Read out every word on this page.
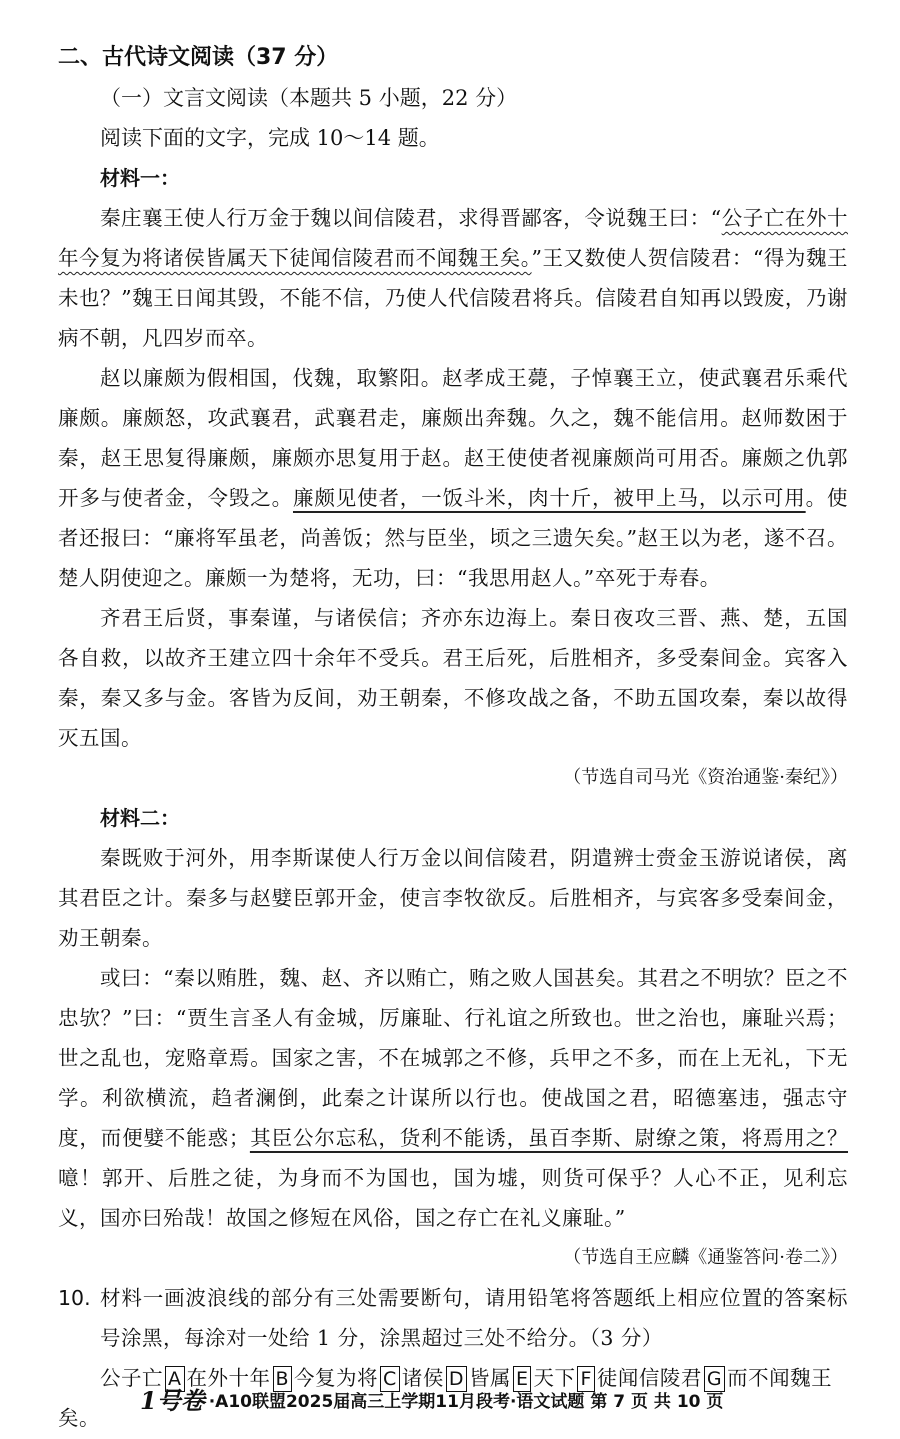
二、古代诗文阅读（37 分）

（一）文言文阅读（本题共 5 小题，22 分）

阅读下面的文字，完成 10～14 题。

材料一：

秦庄襄王使人行万金于魏以间信陵君，求得晋鄙客，令说魏王曰：“公子亡在外十年今复为将诸侯皆属天下徒闻信陵君而不闻魏王矣。”王又数使人贺信陵君：“得为魏王未也？”魏王日闻其毁，不能不信，乃使人代信陵君将兵。信陵君自知再以毁废，乃谢病不朝，凡四岁而卒。

赵以廉颇为假相国，伐魏，取繁阳。赵孝成王薨，子悼襄王立，使武襄君乐乘代廉颇。廉颇怒，攻武襄君，武襄君走，廉颇出奔魏。久之，魏不能信用。赵师数困于秦，赵王思复得廉颇，廉颇亦思复用于赵。赵王使使者视廉颇尚可用否。廉颇之仇郭开多与使者金，令毁之。廉颇见使者，一饭斗米，肉十斤，被甲上马，以示可用。使者还报曰：“廉将军虽老，尚善饭；然与臣坐，顷之三遗矢矣。”赵王以为老，遂不召。楚人阴使迎之。廉颇一为楚将，无功，曰：“我思用赵人。”卒死于寿春。

齐君王后贤，事秦谨，与诸侯信；齐亦东边海上。秦日夜攻三晋、燕、楚，五国各自救，以故齐王建立四十余年不受兵。君王后死，后胜相齐，多受秦间金。宾客入秦，秦又多与金。客皆为反间，劝王朝秦，不修攻战之备，不助五国攻秦，秦以故得灭五国。

（节选自司马光《资治通鉴·秦纪》）

材料二：

秦既败于河外，用李斯谋使人行万金以间信陵君，阴遣辨士赍金玉游说诸侯，离其君臣之计。秦多与赵嬖臣郭开金，使言李牧欲反。后胜相齐，与宾客多受秦间金，劝王朝秦。

或曰：“秦以贿胜，魏、赵、齐以贿亡，贿之败人国甚矣。其君之不明欤？臣之不忠欤？”曰：“贾生言圣人有金城，厉廉耻、行礼谊之所致也。世之治也，廉耻兴焉；世之乱也，宠赂章焉。国家之害，不在城郭之不修，兵甲之不多，而在上无礼，下无学。利欲横流，趋者澜倒，此秦之计谋所以行也。使战国之君，昭德塞违，强志守度，而便嬖不能惑；其臣公尔忘私，货利不能诱，虽百李斯、尉缭之策，将焉用之？噫！郭开、后胜之徒，为身而不为国也，国为墟，则货可保乎？人心不正，见利忘义，国亦曰殆哉！故国之修短在风俗，国之存亡在礼义廉耻。”

（节选自王应麟《通鉴答问·卷二》）

10. 材料一画波浪线的部分有三处需要断句，请用铅笔将答题纸上相应位置的答案标号涂黑，每涂对一处给 1 分，涂黑超过三处不给分。（3 分）

公子亡 A 在外十年 B 今复为将 C 诸侯 D 皆属 E 天下 F 徒闻信陵君 G 而不闻魏王矣。

1号卷 ·A10联盟2025届高三上学期11月段考·语文试题 第 7 页 共 10 页
